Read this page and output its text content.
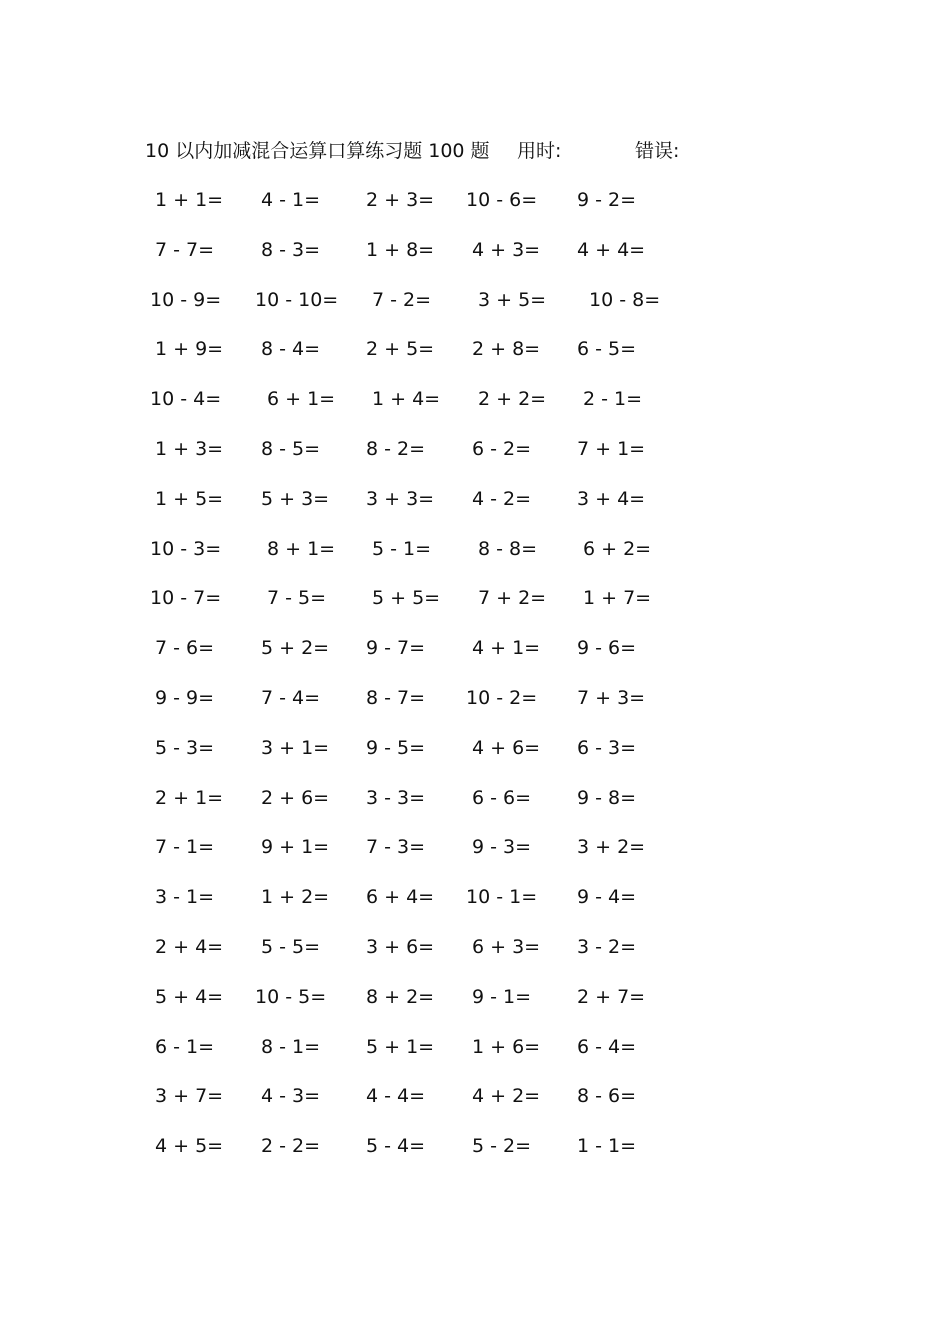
10 以内加减混合运算口算练习题 100 题 用时:	错误:
1 + 1= 4 - 1= 2 + 3= 10 - 6= 9 - 2=
7 - 7= 8 - 3= 1 + 8= 4 + 3= 4 + 4=
10 - 9= 10 - 10= 7 - 2= 3 + 5= 10 - 8=
1 + 9= 8 - 4= 2 + 5= 2 + 8= 6 - 5=
10 - 4= 6 + 1= 1 + 4= 2 + 2= 2 - 1=
1 + 3= 8 - 5= 8 - 2= 6 - 2= 7 + 1=
1 + 5= 5 + 3= 3 + 3= 4 - 2= 3 + 4=
10 - 3= 8 + 1= 5 - 1= 8 - 8= 6 + 2=
10 - 7= 7 - 5= 5 + 5= 7 + 2= 1 + 7=
7 - 6= 5 + 2= 9 - 7= 4 + 1= 9 - 6=
9 - 9= 7 - 4= 8 - 7= 10 - 2= 7 + 3=
5 - 3= 3 + 1= 9 - 5= 4 + 6= 6 - 3=
2 + 1= 2 + 6= 3 - 3= 6 - 6= 9 - 8=
7 - 1= 9 + 1= 7 - 3= 9 - 3= 3 + 2=
3 - 1= 1 + 2= 6 + 4= 10 - 1= 9 - 4=
2 + 4= 5 - 5= 3 + 6= 6 + 3= 3 - 2=
5 + 4= 10 - 5= 8 + 2= 9 - 1= 2 + 7=
6 - 1= 8 - 1= 5 + 1= 1 + 6= 6 - 4=
3 + 7= 4 - 3= 4 - 4= 4 + 2= 8 - 6=
4 + 5= 2 - 2= 5 - 4= 5 - 2= 1 - 1=
